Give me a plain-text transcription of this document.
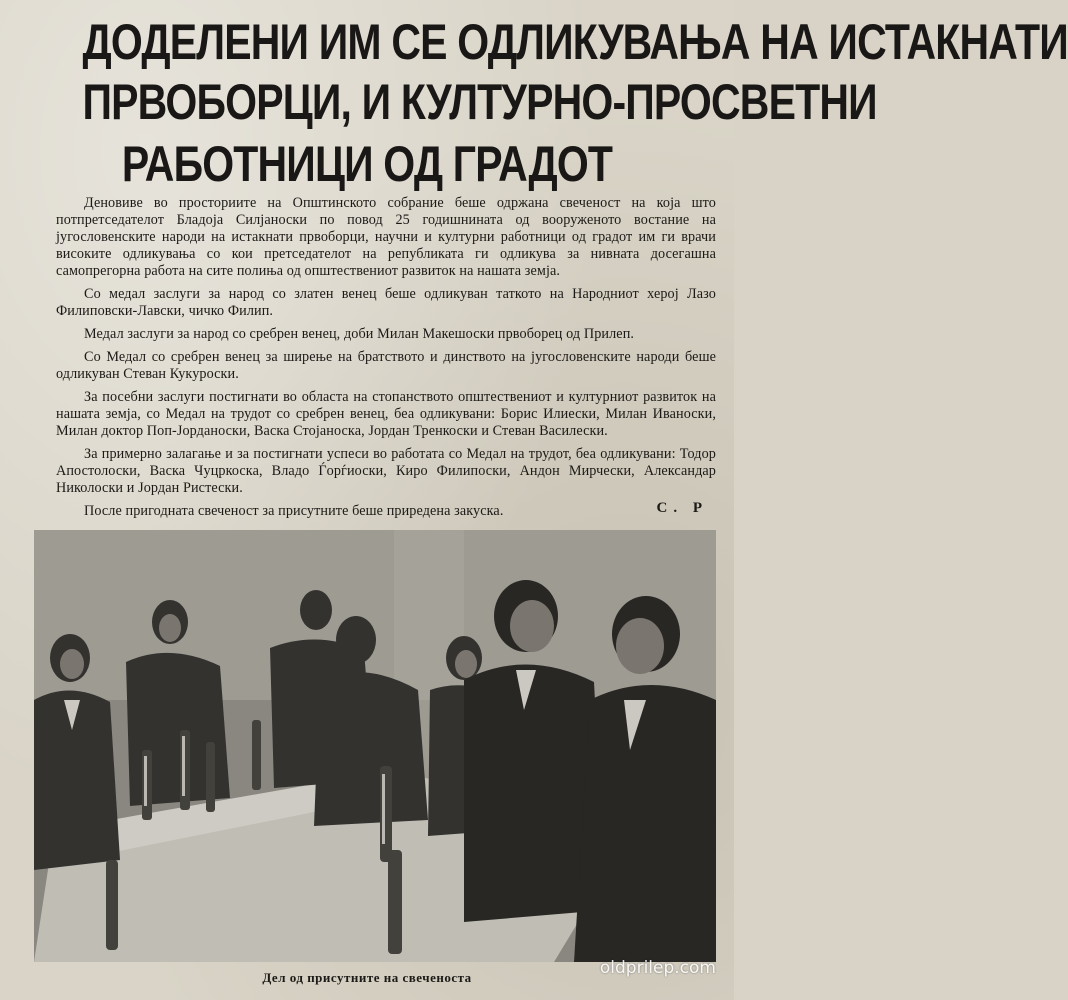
ДОДЕЛЕНИ ИМ СЕ ОДЛИКУВАЊА НА ИСТАКНАТИ
ПРВОБОРЦИ, И КУЛТУРНО-ПРОСВЕТНИ
РАБОТНИЦИ ОД ГРАДОТ

Деновиве во просториите на Општинското собрание беше одржана свеченост на која што потпретседателот Бладоја Силјаноски по повод 25 годишнината од вооруженото востание на југословенските народи на истакнати првоборци, научни и културни работници од градот им ги врачи високите одликувања со кои претседателот на републиката ги одликува за нивната досегашна самопрегорна работа на сите полиња од општествениот развиток на нашата земја.

Со медал заслуги за народ со златен венец беше одликуван таткото на Народниот херој Лазо Филиповски-Лавски, чичко Филип.

Медал заслуги за народ со сребрен венец, доби Милан Макешоски првоборец од Прилеп.

Со Медал со сребрен венец за ширење на братството и динството на југословенските народи беше одликуван Стеван Кукуроски.

За посебни заслуги постигнати во областа на стопанството општествениот и културниот развиток на нашата земја, со Медал на трудот со сребрен венец, беа одликувани: Борис Илиески, Милан Иваноски, Милан доктор Поп-Јорданоски, Васка Стојаноска, Јордан Тренкоски и Стеван Василески.

За примерно залагање и за постигнати успеси во работата со Медал на трудот, беа одликувани: Тодор Апостолоски, Васка Чуцркоска, Владо Ѓорѓиоски, Киро Филипоски, Андон Мирчески, Александар Николоски и Јордан Ристески.

После пригодната свеченост за присутните беше приредена закуска.	С. Р
Дел од присутните на свеченоста	oldprilep.com
